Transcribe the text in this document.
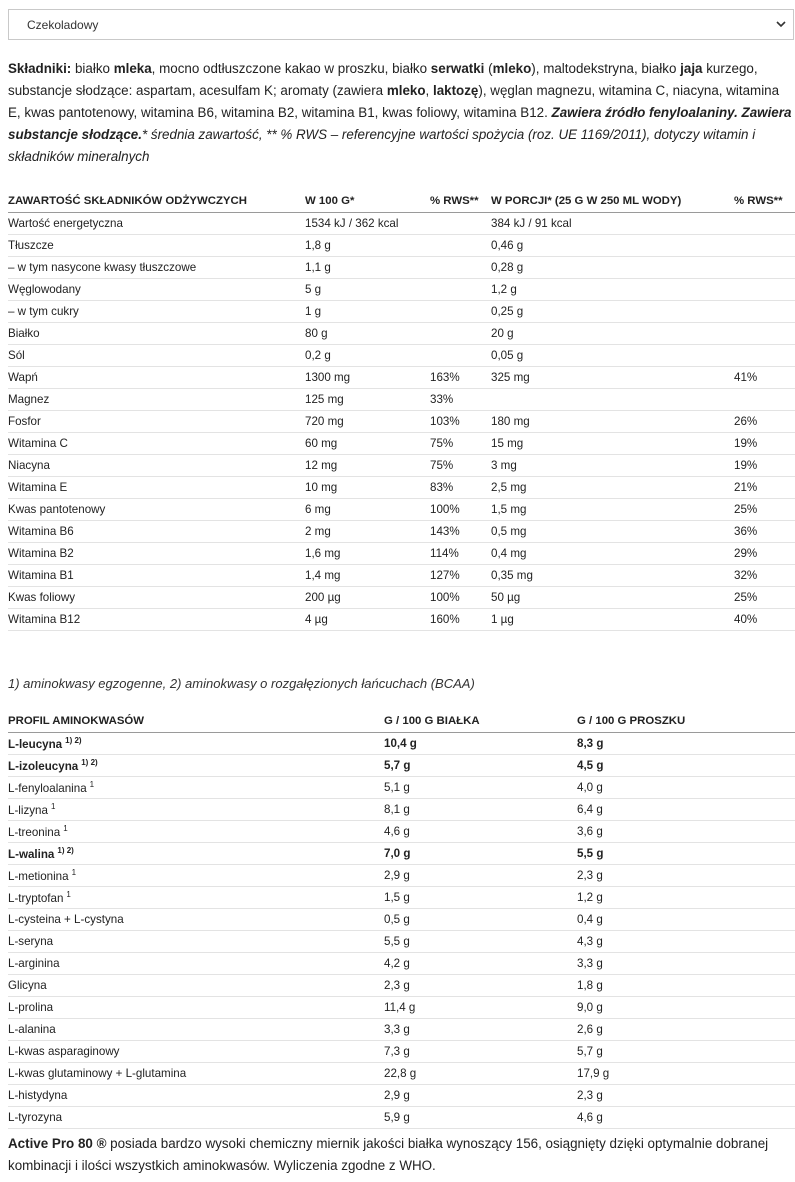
Czekoladowy
Składniki: białko mleka, mocno odtłuszczone kakao w proszku, białko serwatki (mleko), maltodekstryna, białko jaja kurzego, substancje słodzące: aspartam, acesulfam K; aromaty (zawiera mleko, laktozę), węglan magnezu, witamina C, niacyna, witamina E, kwas pantotenowy, witamina B6, witamina B2, witamina B1, kwas foliowy, witamina B12. Zawiera źródło fenyloalaniny. Zawiera substancje słodzące.* średnia zawartość, ** % RWS – referencyjne wartości spożycia (roz. UE 1169/2011), dotyczy witamin i składników mineralnych
ZAWARTOŚĆ SKŁADNIKÓW ODŻYWCZYCH	W 100 G*	% RWS**	W PORCJI* (25 G W 250 ML WODY)	% RWS**
Wartość energetyczna	1534 kJ / 362 kcal		384 kJ / 91 kcal	
Tłuszcze	1,8 g		0,46 g	
– w tym nasycone kwasy tłuszczowe	1,1 g		0,28 g	
Węglowodany	5 g		1,2 g	
– w tym cukry	1 g		0,25 g	
Białko	80 g		20 g	
Sól	0,2 g		0,05 g	
Wapń	1300 mg	163%	325 mg	41%
Magnez	125 mg	33%		
Fosfor	720 mg	103%	180 mg	26%
Witamina C	60 mg	75%	15 mg	19%
Niacyna	12 mg	75%	3 mg	19%
Witamina E	10 mg	83%	2,5 mg	21%
Kwas pantotenowy	6 mg	100%	1,5 mg	25%
Witamina B6	2 mg	143%	0,5 mg	36%
Witamina B2	1,6 mg	114%	0,4 mg	29%
Witamina B1	1,4 mg	127%	0,35 mg	32%
Kwas foliowy	200 µg	100%	50 µg	25%
Witamina B12	4 µg	160%	1 µg	40%
1) aminokwasy egzogenne, 2) aminokwasy o rozgałęzionych łańcuchach (BCAA)
PROFIL AMINOKWASÓW	G / 100 G BIAŁKA	G / 100 G PROSZKU
L-leucyna $^{1) 2)}$	10,4 g	8,3 g
L-izoleucyna $^{1) 2)}$	5,7 g	4,5 g
L-fenyloalanina $^1$	5,1 g	4,0 g
L-lizyna $^1$	8,1 g	6,4 g
L-treonina $^1$	4,6 g	3,6 g
L-walina $^{1) 2)}$	7,0 g	5,5 g
L-metionina $^1$	2,9 g	2,3 g
L-tryptofan $^1$	1,5 g	1,2 g
L-cysteina + L-cystyna	0,5 g	0,4 g
L-seryna	5,5 g	4,3 g
L-arginina	4,2 g	3,3 g
Glicyna	2,3 g	1,8 g
L-prolina	11,4 g	9,0 g
L-alanina	3,3 g	2,6 g
L-kwas asparaginowy	7,3 g	5,7 g
L-kwas glutaminowy + L-glutamina	22,8 g	17,9 g
L-histydyna	2,9 g	2,3 g
L-tyrozyna	5,9 g	4,6 g
Active Pro 80 ® posiada bardzo wysoki chemiczny miernik jakości białka wynoszący 156, osiągnięty dzięki optymalnie dobranej kombinacji i ilości wszystkich aminokwasów. Wyliczenia zgodne z WHO.
